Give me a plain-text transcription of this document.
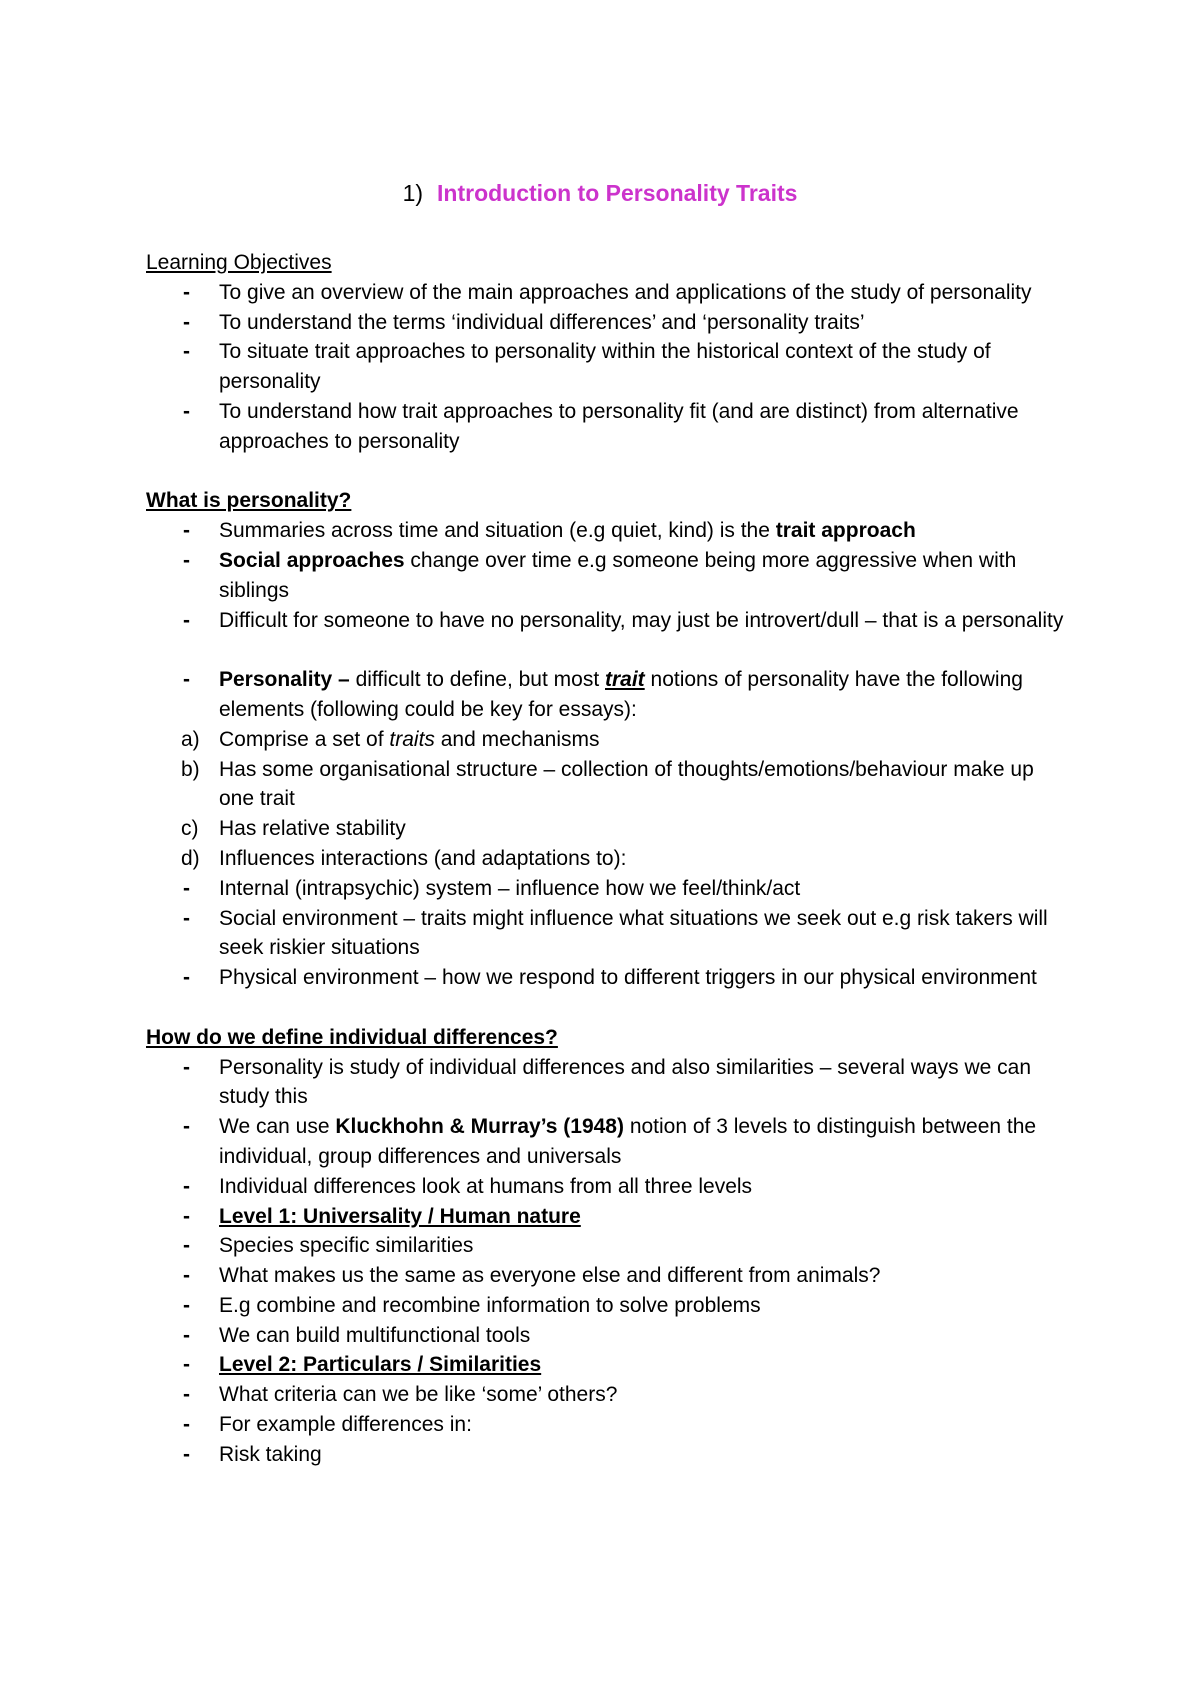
1) Introduction to Personality Traits
Learning Objectives
-	To give an overview of the main approaches and applications of the study of personality
-	To understand the terms ‘individual differences’ and ‘personality traits’
-	To situate trait approaches to personality within the historical context of the study of personality
-	To understand how trait approaches to personality fit (and are distinct) from alternative approaches to personality
What is personality?
-	Summaries across time and situation (e.g quiet, kind) is the trait approach
-	Social approaches change over time e.g someone being more aggressive when with siblings
-	Difficult for someone to have no personality, may just be introvert/dull – that is a personality
-	Personality – difficult to define, but most trait notions of personality have the following elements (following could be key for essays):
a) Comprise a set of traits and mechanisms
b) Has some organisational structure – collection of thoughts/emotions/behaviour make up one trait
c) Has relative stability
d) Influences interactions (and adaptations to):
-	Internal (intrapsychic) system – influence how we feel/think/act
-	Social environment – traits might influence what situations we seek out e.g risk takers will seek riskier situations
-	Physical environment – how we respond to different triggers in our physical environment
How do we define individual differences?
-	Personality is study of individual differences and also similarities – several ways we can study this
-	We can use Kluckhohn & Murray’s (1948) notion of 3 levels to distinguish between the individual, group differences and universals
-	Individual differences look at humans from all three levels
-	Level 1: Universality / Human nature
-	Species specific similarities
-	What makes us the same as everyone else and different from animals?
-	E.g combine and recombine information to solve problems
-	We can build multifunctional tools
-	Level 2: Particulars / Similarities
-	What criteria can we be like ‘some’ others?
-	For example differences in:
-	Risk taking
